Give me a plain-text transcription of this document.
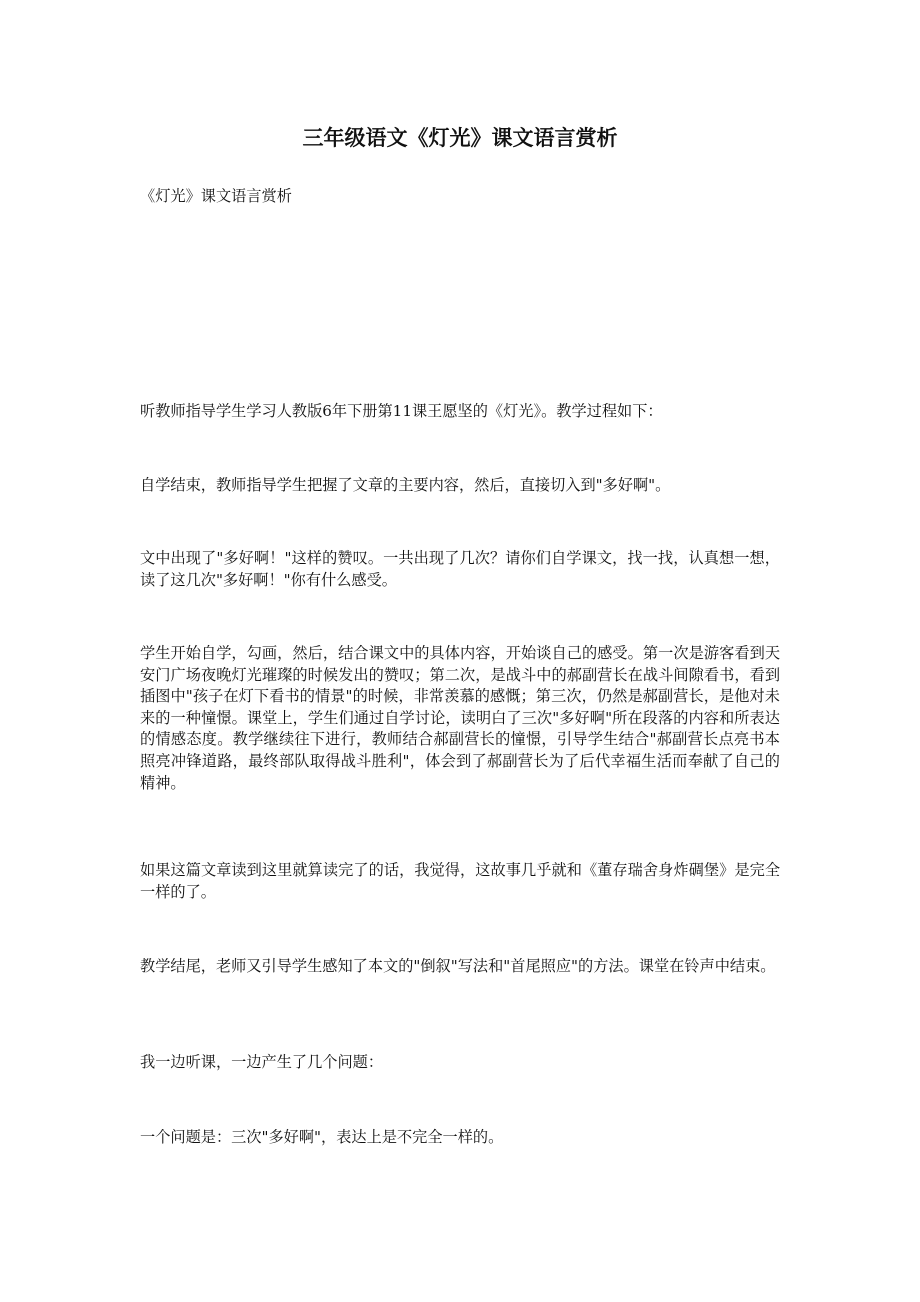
三年级语文《灯光》课文语言赏析

《灯光》课文语言赏析

听教师指导学生学习人教版6年下册第11课王愿坚的《灯光》。教学过程如下：

自学结束，教师指导学生把握了文章的主要内容，然后，直接切入到"多好啊"。

文中出现了"多好啊！"这样的赞叹。一共出现了几次？请你们自学课文，找一找，认真想一想，读了这几次"多好啊！"你有什么感受。

学生开始自学，勾画，然后，结合课文中的具体内容，开始谈自己的感受。第一次是游客看到天安门广场夜晚灯光璀璨的时候发出的赞叹；第二次，是战斗中的郝副营长在战斗间隙看书，看到插图中"孩子在灯下看书的情景"的时候，非常羡慕的感慨；第三次，仍然是郝副营长，是他对未来的一种憧憬。课堂上，学生们通过自学讨论，读明白了三次"多好啊"所在段落的内容和所表达的情感态度。教学继续往下进行，教师结合郝副营长的憧憬，引导学生结合"郝副营长点亮书本照亮冲锋道路，最终部队取得战斗胜利"，体会到了郝副营长为了后代幸福生活而奉献了自己的精神。

如果这篇文章读到这里就算读完了的话，我觉得，这故事几乎就和《董存瑞舍身炸碉堡》是完全一样的了。

教学结尾，老师又引导学生感知了本文的"倒叙"写法和"首尾照应"的方法。课堂在铃声中结束。

我一边听课，一边产生了几个问题：

一个问题是：三次"多好啊"，表达上是不完全一样的。
